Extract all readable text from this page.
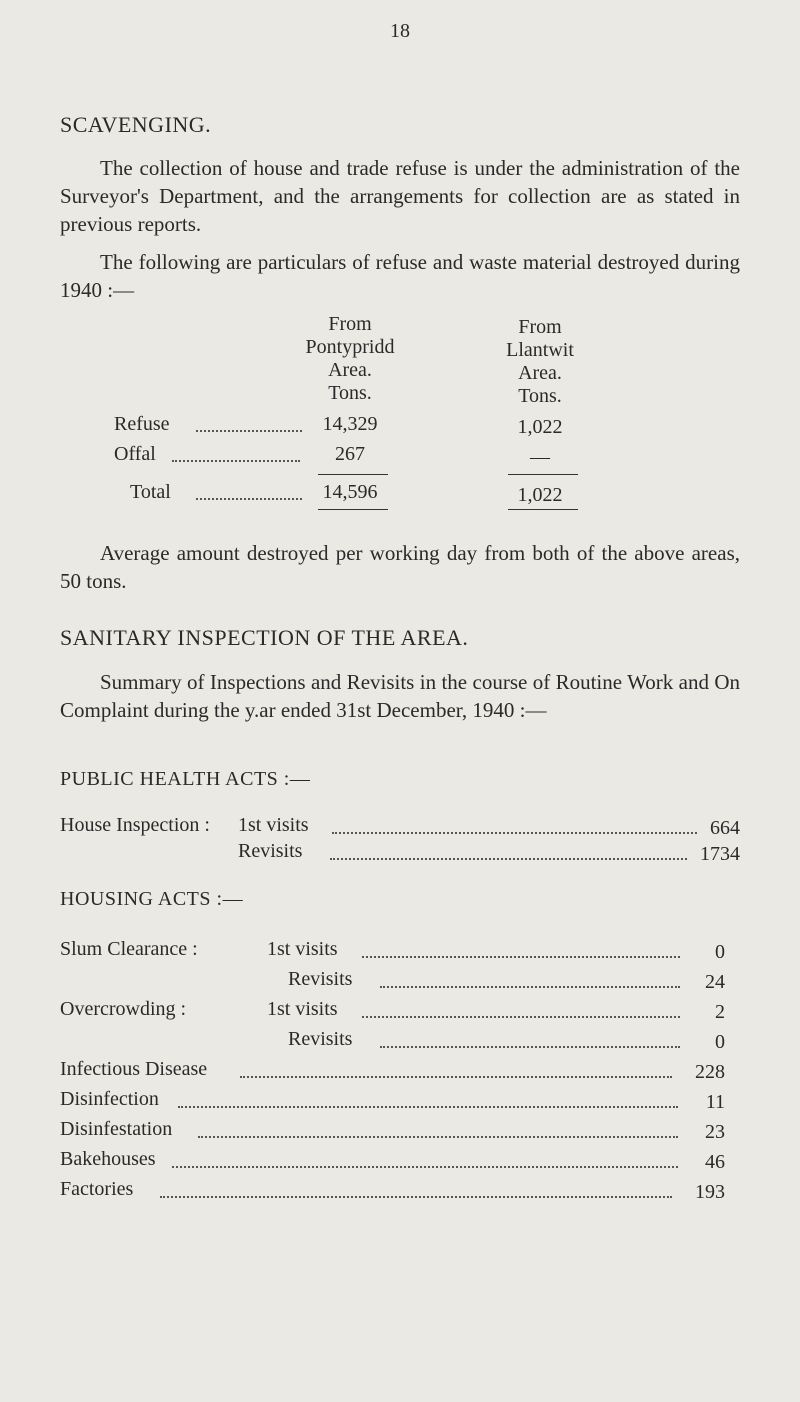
18
SCAVENGING.
The collection of house and trade refuse is under the administration of the Surveyor's Department, and the arrangements for collection are as stated in previous reports.
The following are particulars of refuse and waste material destroyed during 1940 :—
From
Pontypridd
Area.
Tons.
From
Llantwit
Area.
Tons.
Refuse	14,329	1,022
Offal	267	—
Total	14,596	1,022
Average amount destroyed per working day from both of the above areas, 50 tons.
SANITARY INSPECTION OF THE AREA.
Summary of Inspections and Revisits in the course of Routine Work and On Complaint during the y.ar ended 31st December, 1940 :—
PUBLIC HEALTH ACTS :—
House Inspection : 1st visits	664
Revisits	1734
HOUSING ACTS :—
Slum Clearance :	1st visits	0
Revisits	24
Overcrowding :	1st visits	2
Revisits	0
Infectious Disease	228
Disinfection	11
Disinfestation	23
Bakehouses	46
Factories	193
